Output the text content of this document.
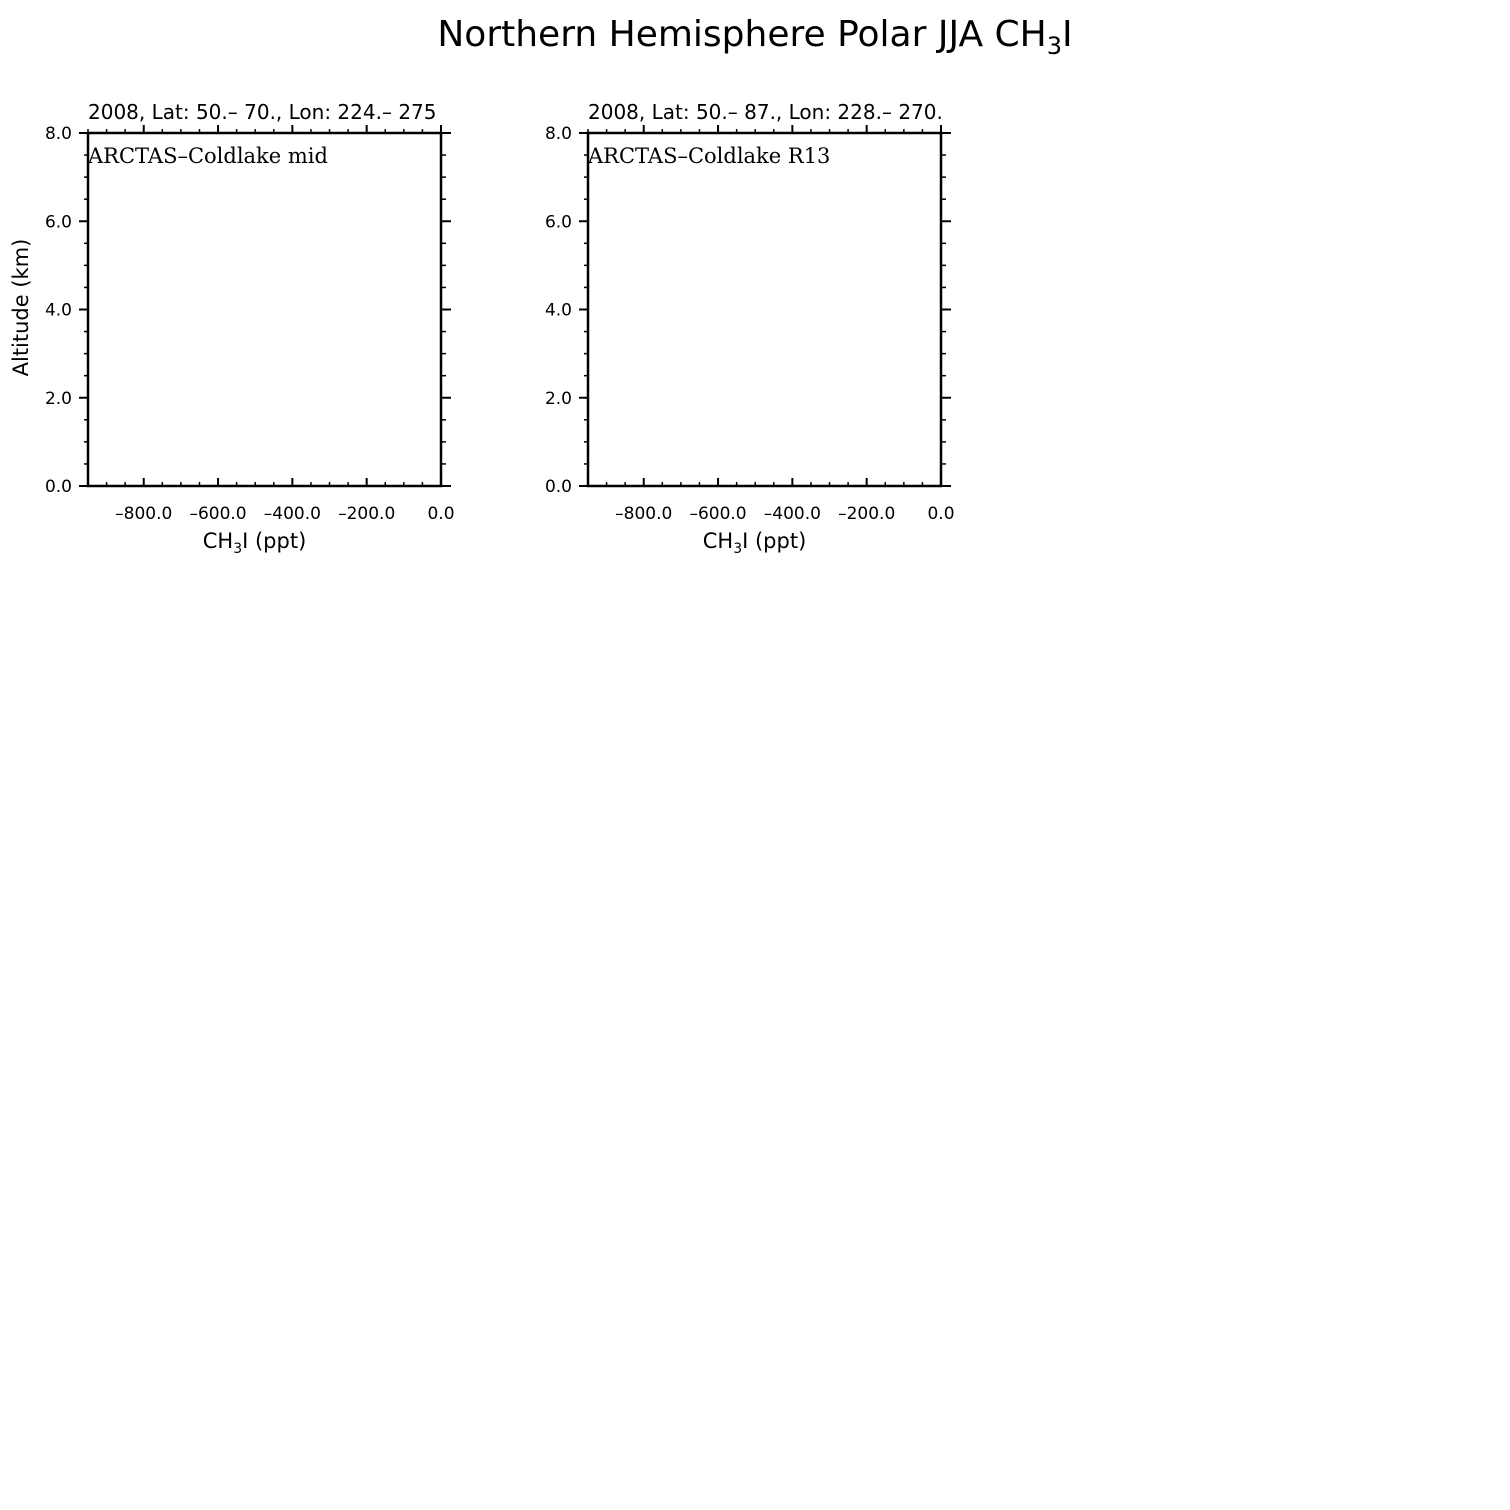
Northern Hemisphere Polar JJA $CH_3I$
2008, Lat: 50.– 70., Lon: 224.– 275
ARCTAS–Coldlake mid
–800.0 –600.0 –400.0 –200.0 0.0
0.0
2.0
4.0
6.0
8.0
$CH_3I$ (ppt)
Altitude (km)
2008, Lat: 50.– 87., Lon: 228.– 270.
ARCTAS–Coldlake R13
–800.0 –600.0 –400.0 –200.0 0.0
0.0
2.0
4.0
6.0
8.0
$CH_3I$ (ppt)
